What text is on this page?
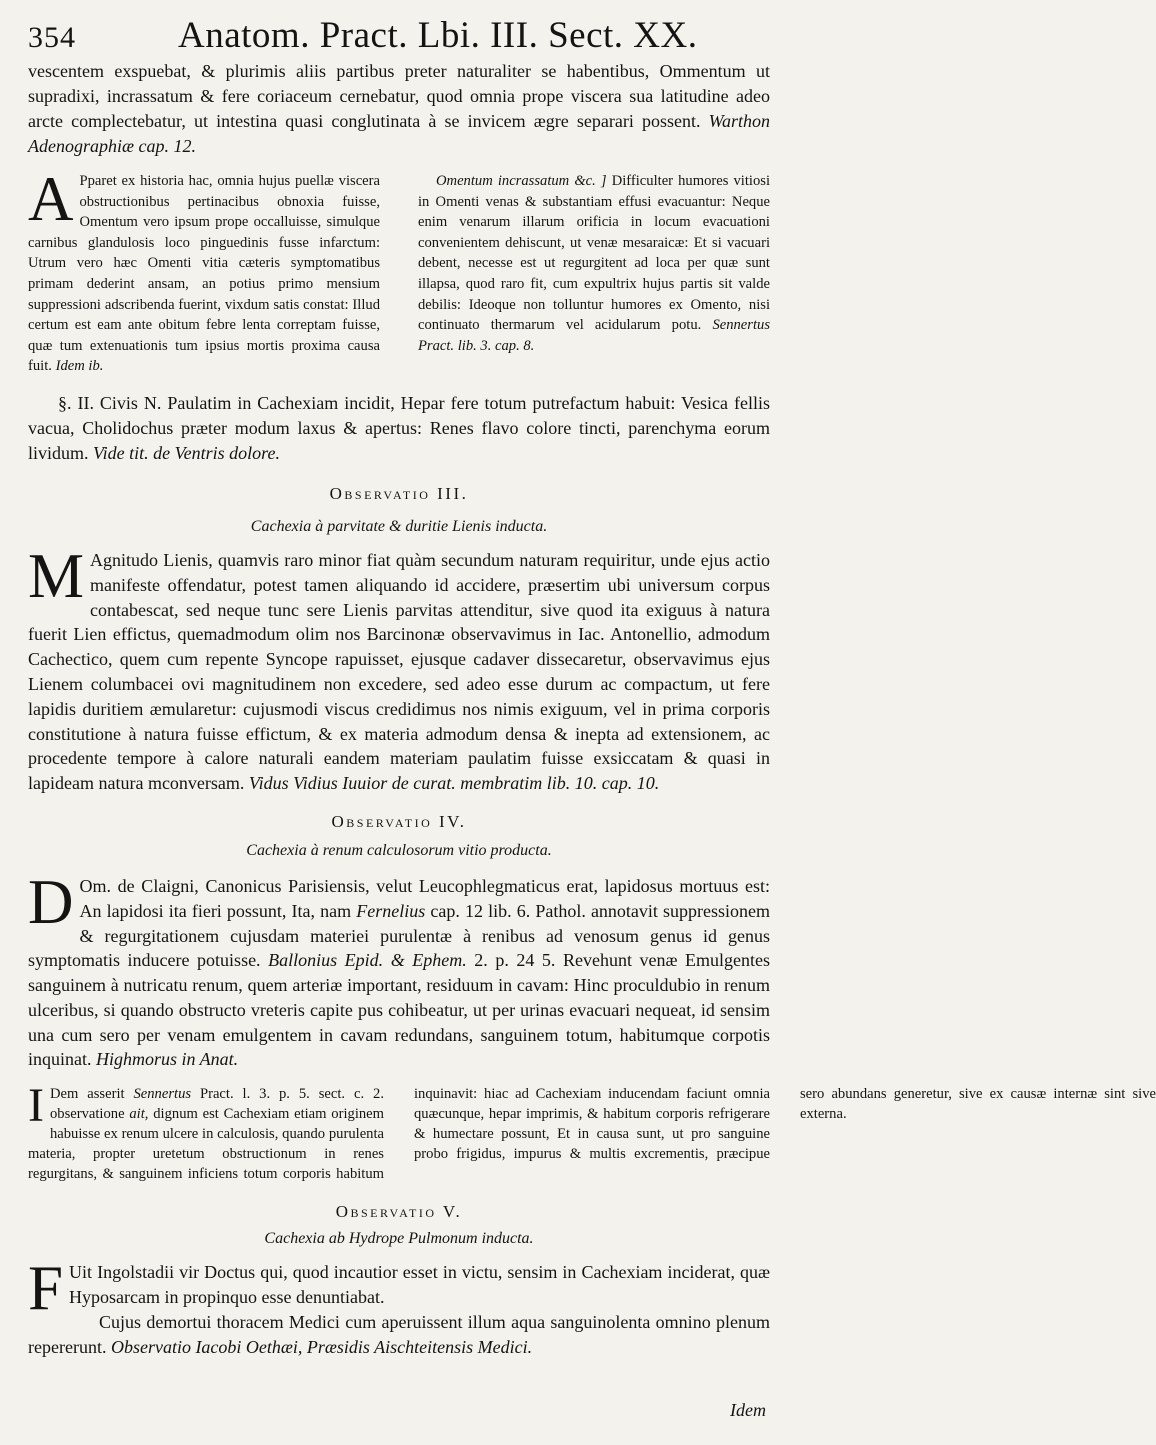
354	Anatom. Pract. Lbi. III. Sect. XX.

vescentem exspuebat, & plurimis aliis partibus preter naturaliter se habentibus, Ommentum ut supradixi, incrassatum & fere coriaceum cernebatur, quod omnia prope viscera sua latitudine adeo arcte complectebatur, ut intestina quasi conglutinata à se invicem ægre separari possent. Warthon Adenographiæ cap. 12.

A Pparet ex historia hac, omnia hujus puellæ viscera obstructionibus pertinacibus obnoxia fuisse, Omentum vero ipsum prope occalluisse, simulque carnibus glandulosis loco pinguedinis fusse infarctum: Utrum vero hæc Omenti vitia cæteris symptomatibus primam dederint ansam, an potius primo mensium suppressioni adscribenda fuerint, vixdum satis constat: Illud certum est eam ante obitum febre lenta correptam fuisse, quæ tum extenuationis tum ipsius mortis proxima causa fuit. Idem ib.

Omentum incrassatum &c. ] Difficulter humores vitiosi in Omenti venas & substantiam effusi evacuantur: Neque enim venarum illarum orificia in locum evacuationi convenientem dehiscunt, ut venæ mesaraicæ: Et si vacuari debent, necesse est ut regurgitent ad loca per quæ sunt illapsa, quod raro fit, cum expultrix hujus partis sit valde debilis: Ideoque non tolluntur humores ex Omento, nisi continuato thermarum vel acidularum potu. Sennertus Pract. lib. 3. cap. 8.

§. II. Civis N. Paulatim in Cachexiam incidit, Hepar fere totum putrefactum habuit: Vesica fellis vacua, Cholidochus præter modum laxus & apertus: Renes flavo colore tincti, parenchyma eorum lividum. Vide tit. de Ventris dolore.

Observatio III.
Cachexia à parvitate & duritie Lienis inducta.

M Agnitudo Lienis, quamvis raro minor fiat quàm secundum naturam requiritur, unde ejus actio manifeste offendatur, potest tamen aliquando id accidere, præsertim ubi universum corpus contabescat, sed neque tunc sere Lienis parvitas attenditur, sive quod ita exiguus à natura fuerit Lien effictus, quemadmodum olim nos Barcinonæ observavimus in Iac. Antonellio, admodum Cachectico, quem cum repente Syncope rapuisset, ejusque cadaver dissecaretur, observavimus ejus Lienem columbacei ovi magnitudinem non excedere, sed adeo esse durum ac compactum, ut fere lapidis duritiem æmularetur: cujusmodi viscus credidimus nos nimis exiguum, vel in prima corporis constitutione à natura fuisse effictum, & ex materia admodum densa & inepta ad extensionem, ac procedente tempore à calore naturali eandem materiam paulatim fuisse exsiccatam & quasi in lapideam natura mconversam. Vidus Vidius Iuuior de curat. membratim lib. 10. cap. 10.

Observatio IV.
Cachexia à renum calculosorum vitio producta.

D Om. de Claigni, Canonicus Parisiensis, velut Leucophlegmaticus erat, lapidosus mortuus est: An lapidosi ita fieri possunt, Ita, nam Fernelius cap. 12 lib. 6. Pathol. annotavit suppressionem & regurgitationem cujusdam materiei purulentæ à renibus ad venosum genus id genus symptomatis inducere potuisse. Ballonius Epid. & Ephem. 2. p. 24 5. Revehunt venæ Emulgentes sanguinem à nutricatu renum, quem arteriæ important, residuum in cavam: Hinc proculdubio in renum ulceribus, si quando obstructo vreteris capite pus cohibeatur, ut per urinas evacuari nequeat, id sensim una cum sero per venam emulgentem in cavam redundans, sanguinem totum, habitumque corpotis inquinat. Highmorus in Anat.

I Dem asserit Sennertus Pract. l. 3. p. 5. sect. c. 2. observatione ait, dignum est Cachexiam etiam originem habuisse ex renum ulcere in calculosis, quando purulenta materia, propter uretetum obstructionum in renes regurgitans, & sanguinem inficiens totum corporis habitum inquinavit: hiac ad Cachexiam inducendam faciunt omnia quæcunque, hepar imprimis, & habitum corporis refrigerare & humectare possunt, Et in causa sunt, ut pro sanguine probo frigidus, impurus & multis excrementis, præcipue sero abundans generetur, sive ex causæ internæ sint sive externa.

Observatio V.
Cachexia ab Hydrope Pulmonum inducta.

F Uit Ingolstadii vir Doctus qui, quod incautior esset in victu, sensim in Cachexiam inciderat, quæ Hyposarcam in propinquo esse denuntiabat.

Cujus demortui thoracem Medici cum aperuissent illum aqua sanguinolenta omnino plenum repererunt. Observatio Iacobi Oethæi, Præsidis Aischteitensis Medici.

Idem
